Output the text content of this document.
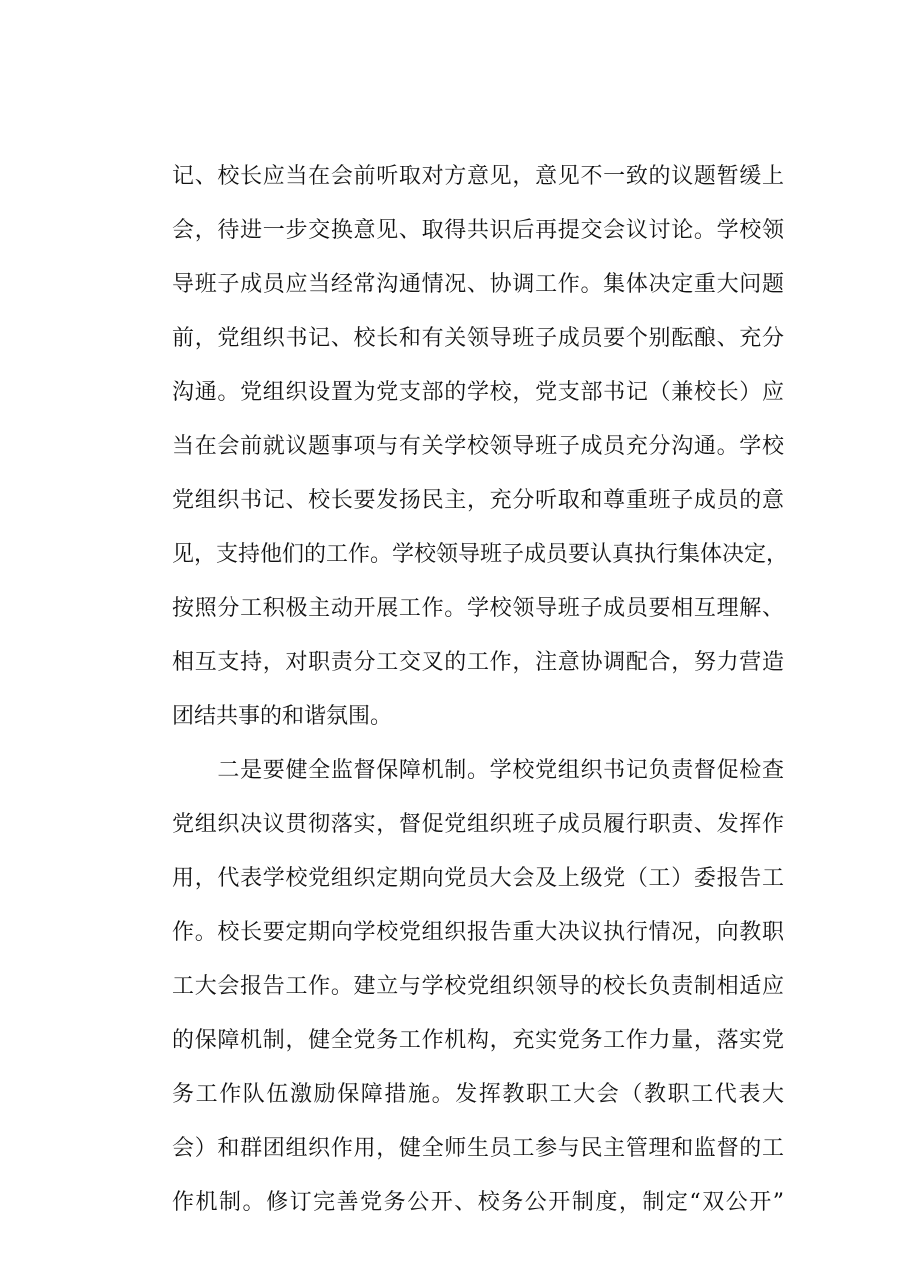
记、校长应当在会前听取对方意见，意见不一致的议题暂缓上
会，待进一步交换意见、取得共识后再提交会议讨论。学校领
导班子成员应当经常沟通情况、协调工作。集体决定重大问题
前，党组织书记、校长和有关领导班子成员要个别酝酿、充分
沟通。党组织设置为党支部的学校，党支部书记（兼校长）应
当在会前就议题事项与有关学校领导班子成员充分沟通。学校
党组织书记、校长要发扬民主，充分听取和尊重班子成员的意
见，支持他们的工作。学校领导班子成员要认真执行集体决定，
按照分工积极主动开展工作。学校领导班子成员要相互理解、
相互支持，对职责分工交叉的工作，注意协调配合，努力营造
团结共事的和谐氛围。
　　二是要健全监督保障机制。学校党组织书记负责督促检查
党组织决议贯彻落实，督促党组织班子成员履行职责、发挥作
用，代表学校党组织定期向党员大会及上级党（工）委报告工
作。校长要定期向学校党组织报告重大决议执行情况，向教职
工大会报告工作。建立与学校党组织领导的校长负责制相适应
的保障机制，健全党务工作机构，充实党务工作力量，落实党
务工作队伍激励保障措施。发挥教职工大会（教职工代表大
会）和群团组织作用，健全师生员工参与民主管理和监督的工
作机制。修订完善党务公开、校务公开制度，制定“双公开”
